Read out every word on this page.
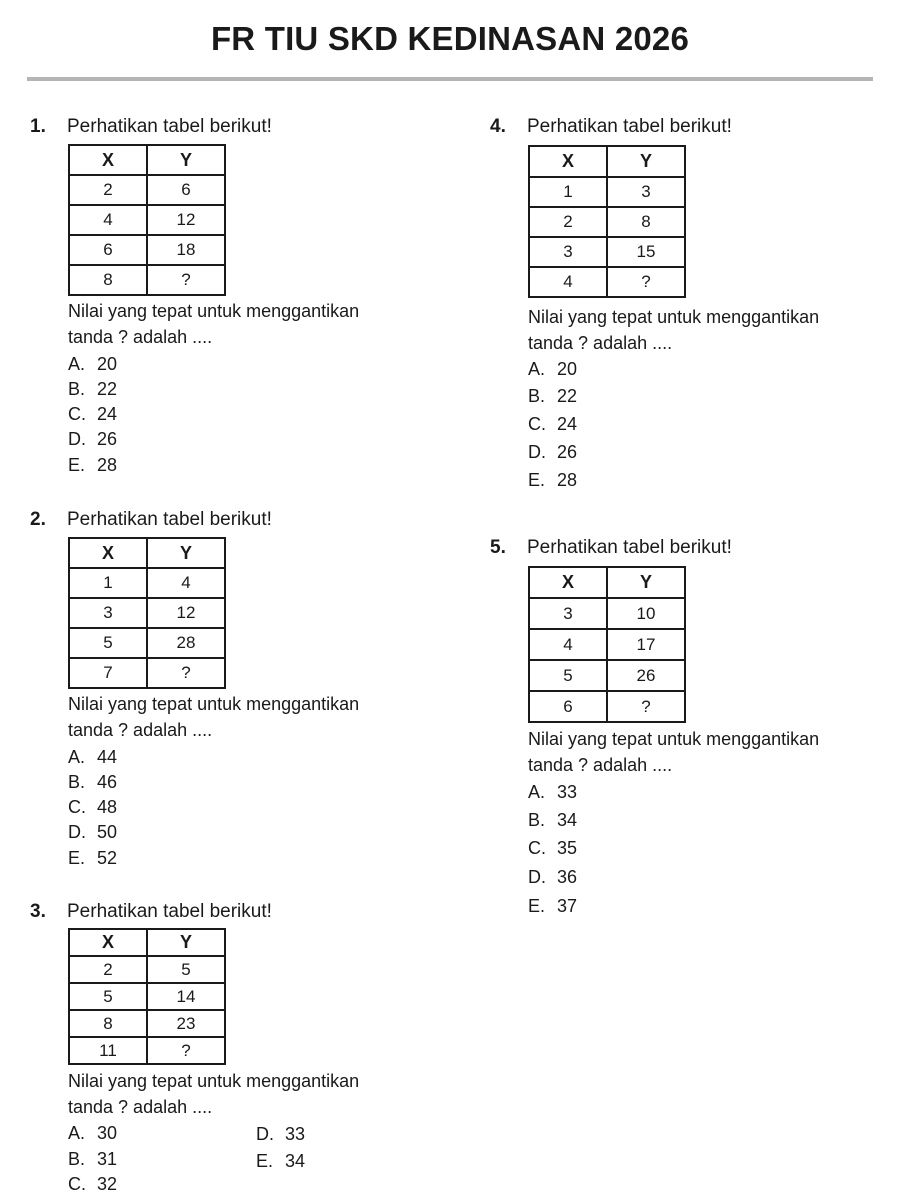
FR TIU SKD KEDINASAN 2026
1. Perhatikan tabel berikut!
X	Y
2	6
4	12
6	18
8	?
Nilai yang tepat untuk menggantikan
tanda ? adalah ....
A. 20
B. 22
C. 24
D. 26
E. 28
2. Perhatikan tabel berikut!
X	Y
1	4
3	12
5	28
7	?
Nilai yang tepat untuk menggantikan
tanda ? adalah ....
A. 44
B. 46
C. 48
D. 50
E. 52
3. Perhatikan tabel berikut!
X	Y
2	5
5	14
8	23
11	?
Nilai yang tepat untuk menggantikan
tanda ? adalah ....
A. 30
B. 31
C. 32
D. 33
E. 34
4. Perhatikan tabel berikut!
X	Y
1	3
2	8
3	15
4	?
Nilai yang tepat untuk menggantikan
tanda ? adalah ....
A. 20
B. 22
C. 24
D. 26
E. 28
5. Perhatikan tabel berikut!
X	Y
3	10
4	17
5	26
6	?
Nilai yang tepat untuk menggantikan
tanda ? adalah ....
A. 33
B. 34
C. 35
D. 36
E. 37
